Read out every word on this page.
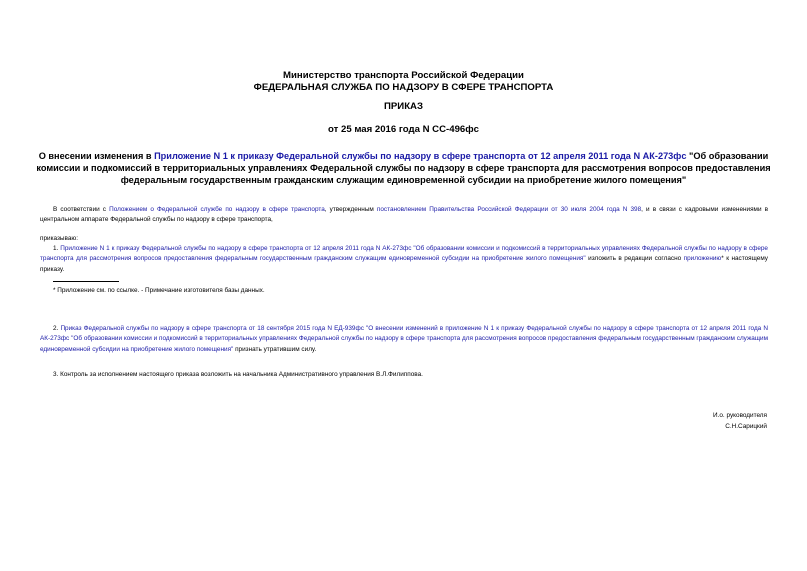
Министерство транспорта Российской Федерации
ФЕДЕРАЛЬНАЯ СЛУЖБА ПО НАДЗОРУ В СФЕРЕ ТРАНСПОРТА
ПРИКАЗ
от 25 мая 2016 года N СС-496фс
О внесении изменения в Приложение N 1 к приказу Федеральной службы по надзору в сфере транспорта от 12 апреля 2011 года N АК-273фс "Об образовании комиссии и подкомиссий в территориальных управлениях Федеральной службы по надзору в сфере транспорта для рассмотрения вопросов предоставления федеральным государственным гражданским служащим единовременной субсидии на приобретение жилого помещения"
В соответствии с Положением о Федеральной службе по надзору в сфере транспорта, утвержденным постановлением Правительства Российской Федерации от 30 июля 2004 года N 398, и в связи с кадровыми изменениями в центральном аппарате Федеральной службы по надзору в сфере транспорта,
приказываю:
1. Приложение N 1 к приказу Федеральной службы по надзору в сфере транспорта от 12 апреля 2011 года N АК-273фс "Об образовании комиссии и подкомиссий в территориальных управлениях Федеральной службы по надзору в сфере транспорта для рассмотрения вопросов предоставления федеральным государственным гражданским служащим единовременной субсидии на приобретение жилого помещения" изложить в редакции согласно приложению* к настоящему приказу.
* Приложение см. по ссылке. - Примечание изготовителя базы данных.
2. Приказ Федеральной службы по надзору в сфере транспорта от 18 сентября 2015 года N ЕД-939фс "О внесении изменений в приложение N 1 к приказу Федеральной службы по надзору в сфере транспорта от 12 апреля 2011 года N АК-273фс "Об образовании комиссии и подкомиссий в территориальных управлениях Федеральной службы по надзору в сфере транспорта для рассмотрения вопросов предоставления федеральным государственным гражданским служащим единовременной субсидии на приобретение жилого помещения" признать утратившим силу.
3. Контроль за исполнением настоящего приказа возложить на начальника Административного управления В.Л.Филиппова.
И.о. руководителя
С.Н.Сарицкий
